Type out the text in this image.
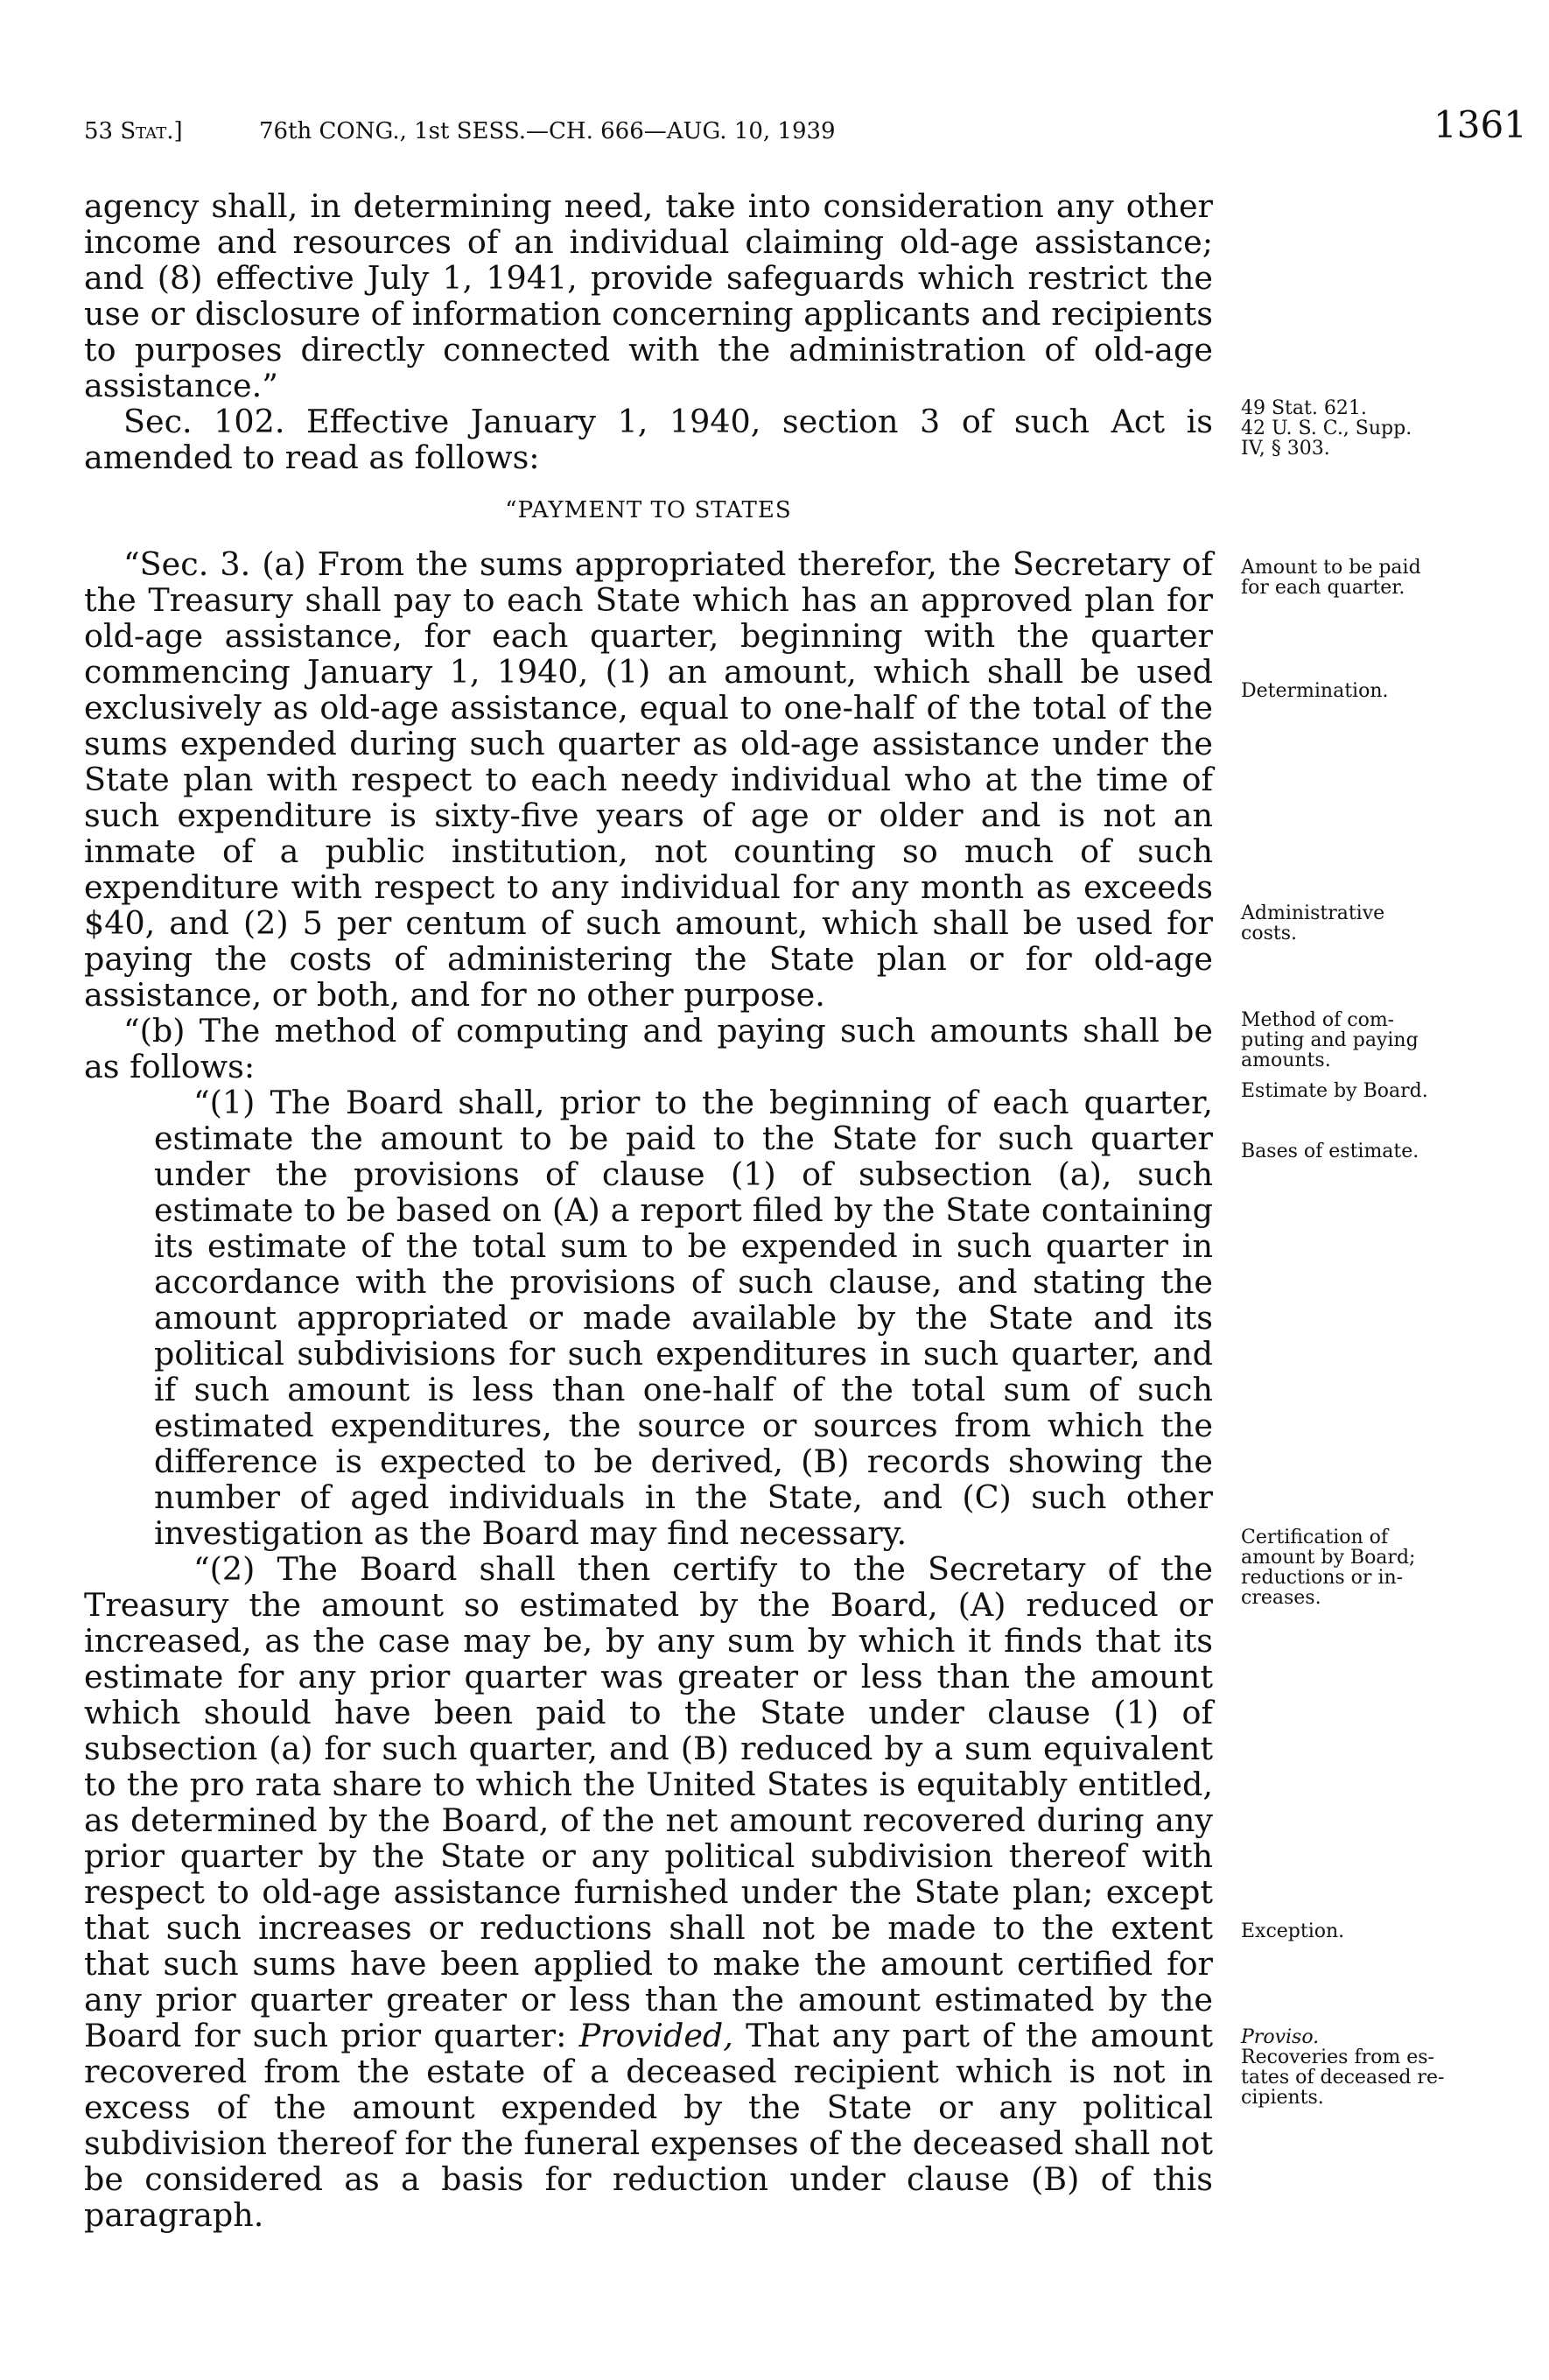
53 Stat.]	76th CONG., 1st SESS.—CH. 666—AUG. 10, 1939	1361

agency shall, in determining need, take into consideration any other income and resources of an individual claiming old-age assistance; and (8) effective July 1, 1941, provide safeguards which restrict the use or disclosure of information concerning applicants and recipients to purposes directly connected with the administration of old-age assistance.”

Sec. 102. Effective January 1, 1940, section 3 of such Act is amended to read as follows:

“PAYMENT TO STATES

“Sec. 3. (a) From the sums appropriated therefor, the Secretary of the Treasury shall pay to each State which has an approved plan for old-age assistance, for each quarter, beginning with the quarter commencing January 1, 1940, (1) an amount, which shall be used exclusively as old-age assistance, equal to one-half of the total of the sums expended during such quarter as old-age assistance under the State plan with respect to each needy individual who at the time of such expenditure is sixty-five years of age or older and is not an inmate of a public institution, not counting so much of such expenditure with respect to any individual for any month as exceeds $40, and (2) 5 per centum of such amount, which shall be used for paying the costs of administering the State plan or for old-age assistance, or both, and for no other purpose.

“(b) The method of computing and paying such amounts shall be as follows:

“(1) The Board shall, prior to the beginning of each quarter, estimate the amount to be paid to the State for such quarter under the provisions of clause (1) of subsection (a), such estimate to be based on (A) a report filed by the State containing its estimate of the total sum to be expended in such quarter in accordance with the provisions of such clause, and stating the amount appropriated or made available by the State and its political subdivisions for such expenditures in such quarter, and if such amount is less than one-half of the total sum of such estimated expenditures, the source or sources from which the difference is expected to be derived, (B) records showing the number of aged individuals in the State, and (C) such other investigation as the Board may find necessary.

“(2) The Board shall then certify to the Secretary of the Treasury the amount so estimated by the Board, (A) reduced or increased, as the case may be, by any sum by which it finds that its estimate for any prior quarter was greater or less than the amount which should have been paid to the State under clause (1) of subsection (a) for such quarter, and (B) reduced by a sum equivalent to the pro rata share to which the United States is equitably entitled, as determined by the Board, of the net amount recovered during any prior quarter by the State or any political subdivision thereof with respect to old-age assistance furnished under the State plan; except that such increases or reductions shall not be made to the extent that such sums have been applied to make the amount certified for any prior quarter greater or less than the amount estimated by the Board for such prior quarter: Provided, That any part of the amount recovered from the estate of a deceased recipient which is not in excess of the amount expended by the State or any political subdivision thereof for the funeral expenses of the deceased shall not be considered as a basis for reduction under clause (B) of this paragraph.

49 Stat. 621.
42 U. S. C., Supp.
IV, § 303.
Amount to be paid
for each quarter.
Determination.
Administrative
costs.
Method of com-
puting and paying
amounts.
Estimate by Board.
Bases of estimate.
Certification of
amount by Board;
reductions or in-
creases.
Exception.
Proviso.
Recoveries from es-
tates of deceased re-
cipients.
